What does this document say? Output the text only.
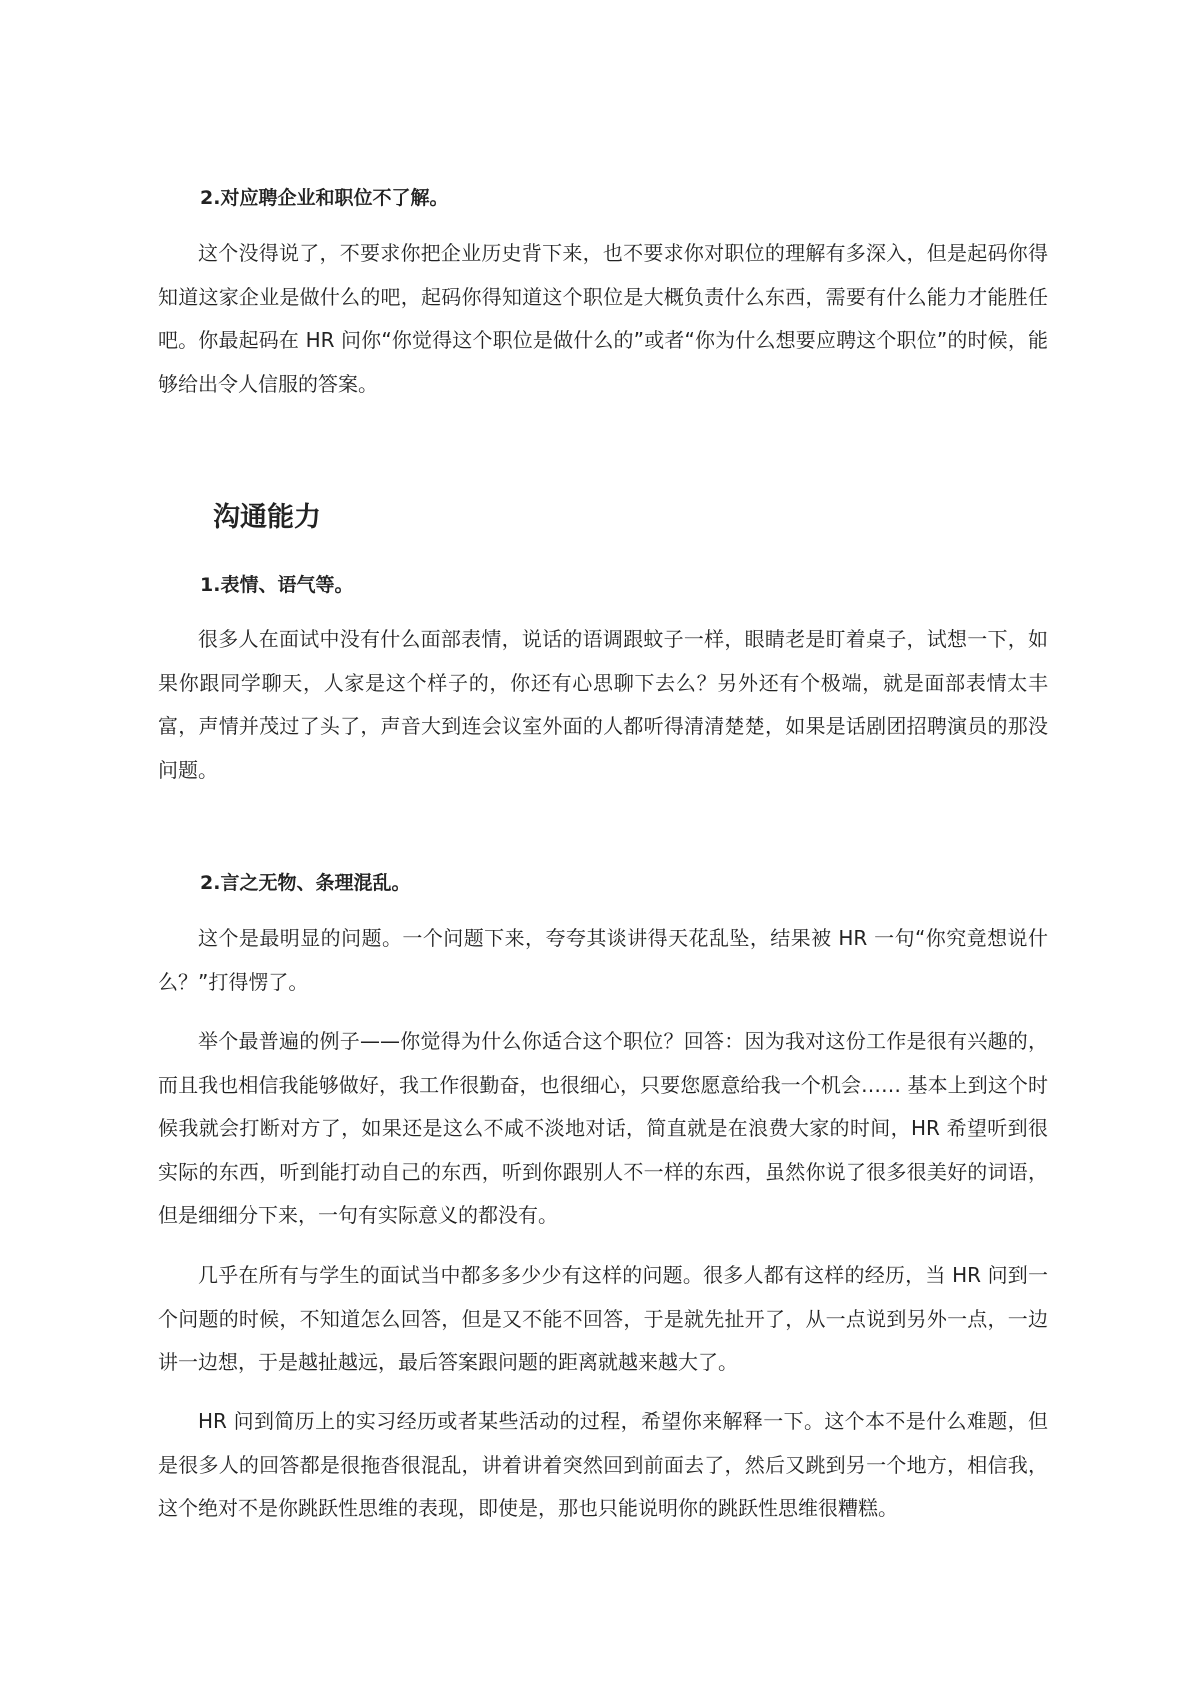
2.对应聘企业和职位不了解。

这个没得说了，不要求你把企业历史背下来，也不要求你对职位的理解有多深入，但是起码你得知道这家企业是做什么的吧，起码你得知道这个职位是大概负责什么东西，需要有什么能力才能胜任吧。你最起码在 HR 问你“你觉得这个职位是做什么的”或者“你为什么想要应聘这个职位”的时候，能够给出令人信服的答案。

沟通能力
1.表情、语气等。

很多人在面试中没有什么面部表情，说话的语调跟蚊子一样，眼睛老是盯着桌子，试想一下，如果你跟同学聊天，人家是这个样子的，你还有心思聊下去么？另外还有个极端，就是面部表情太丰富，声情并茂过了头了，声音大到连会议室外面的人都听得清清楚楚，如果是话剧团招聘演员的那没问题。

2.言之无物、条理混乱。

这个是最明显的问题。一个问题下来，夸夸其谈讲得天花乱坠，结果被 HR 一句“你究竟想说什么？”打得愣了。

举个最普遍的例子——你觉得为什么你适合这个职位？回答：因为我对这份工作是很有兴趣的，而且我也相信我能够做好，我工作很勤奋，也很细心，只要您愿意给我一个机会…… 基本上到这个时候我就会打断对方了，如果还是这么不咸不淡地对话，简直就是在浪费大家的时间，HR 希望听到很实际的东西，听到能打动自己的东西，听到你跟别人不一样的东西，虽然你说了很多很美好的词语，但是细细分下来，一句有实际意义的都没有。

几乎在所有与学生的面试当中都多多少少有这样的问题。很多人都有这样的经历，当 HR 问到一个问题的时候，不知道怎么回答，但是又不能不回答，于是就先扯开了，从一点说到另外一点，一边讲一边想，于是越扯越远，最后答案跟问题的距离就越来越大了。

HR 问到简历上的实习经历或者某些活动的过程，希望你来解释一下。这个本不是什么难题，但是很多人的回答都是很拖沓很混乱，讲着讲着突然回到前面去了，然后又跳到另一个地方，相信我，这个绝对不是你跳跃性思维的表现，即使是，那也只能说明你的跳跃性思维很糟糕。
